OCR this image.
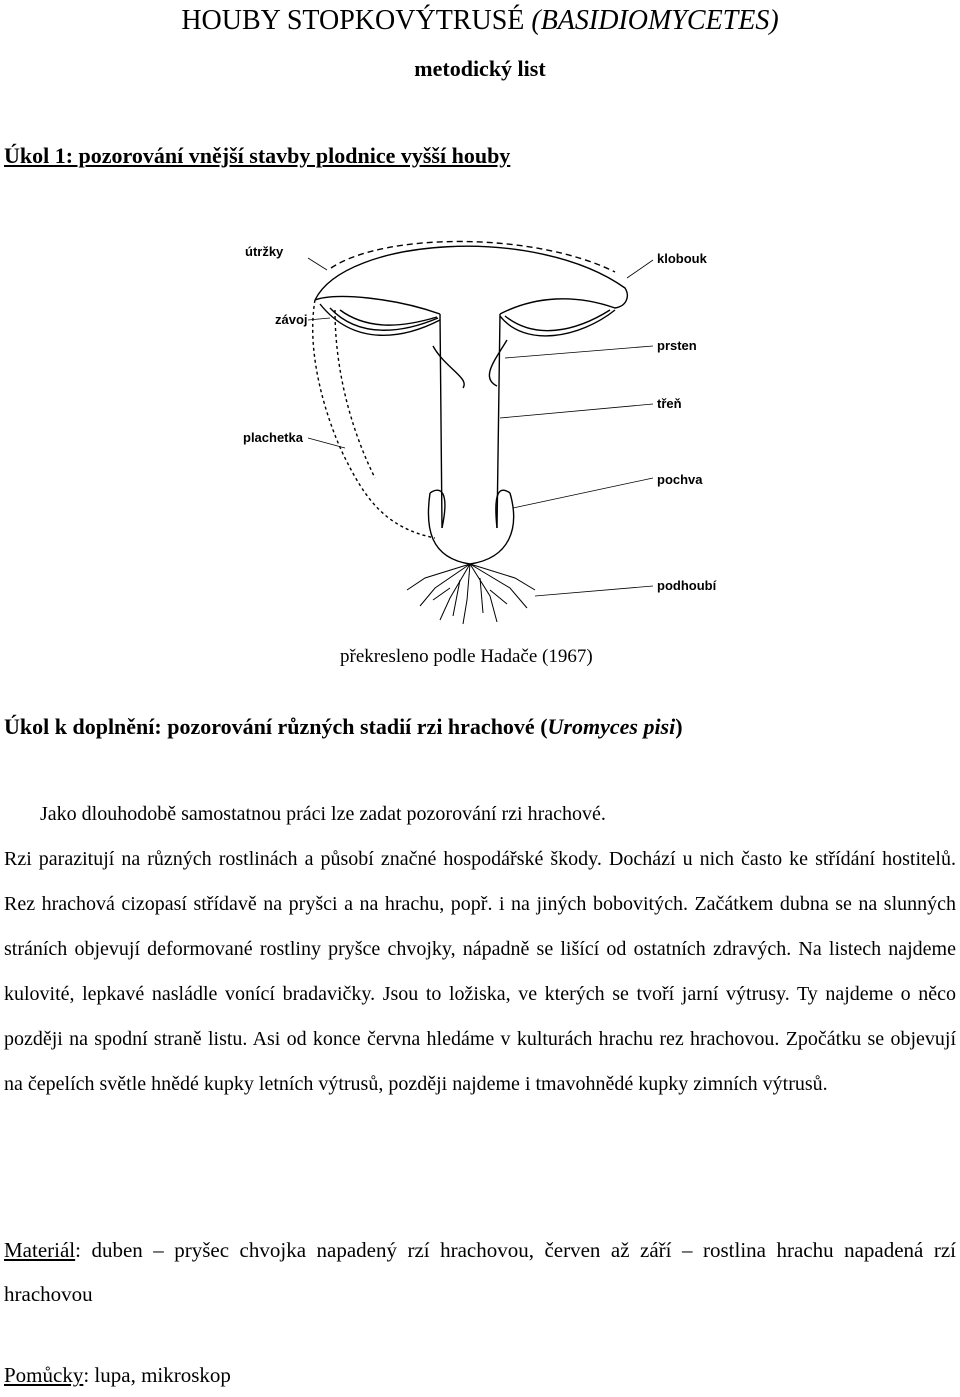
HOUBY STOPKOVÝTRUSÉ (BASIDIOMYCETES)
metodický list
Úkol 1: pozorování vnější stavby plodnice vyšší houby
útržky
závoj
plachetka
klobouk
prsten
třeň
pochva
podhoubí
překresleno podle Hadače (1967)
Úkol k doplnění: pozorování různých stadií rzi hrachové (Uromyces pisi)
Jako dlouhodobě samostatnou práci lze zadat pozorování rzi hrachové.
Rzi parazitují na různých rostlinách a působí značné hospodářské škody. Dochází u nich často ke střídání hostitelů. Rez hrachová cizopasí střídavě na pryšci a na hrachu, popř. i na jiných bobovitých. Začátkem dubna se na slunných stráních objevují deformované rostliny pryšce chvojky, nápadně se lišící od ostatních zdravých. Na listech najdeme kulovité, lepkavé nasládle vonící bradavičky. Jsou to ložiska, ve kterých se tvoří jarní výtrusy. Ty najdeme o něco později na spodní straně listu. Asi od konce června hledáme v kulturách hrachu rez hrachovou. Zpočátku se objevují na čepelích světle hnědé kupky letních výtrusů, později najdeme i tmavohnědé kupky zimních výtrusů.
Materiál: duben – pryšec chvojka napadený rzí hrachovou, červen až září – rostlina hrachu napadená rzí hrachovou
Pomůcky: lupa, mikroskop
